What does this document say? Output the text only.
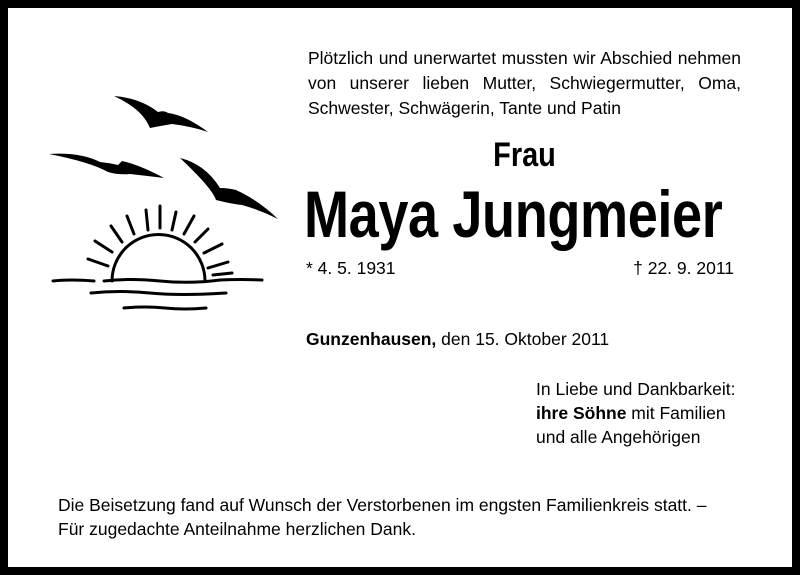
Plötzlich und unerwartet mussten wir Abschied nehmen von unserer lieben Mutter, Schwiegermutter, Oma, Schwester, Schwägerin, Tante und Patin
Frau
Maya Jungmeier
* 4. 5. 1931	† 22. 9. 2011
Gunzenhausen, den 15. Oktober 2011
In Liebe und Dankbarkeit:
ihre Söhne mit Familien
und alle Angehörigen
Die Beisetzung fand auf Wunsch der Verstorbenen im engsten Familienkreis statt. –
Für zugedachte Anteilnahme herzlichen Dank.
